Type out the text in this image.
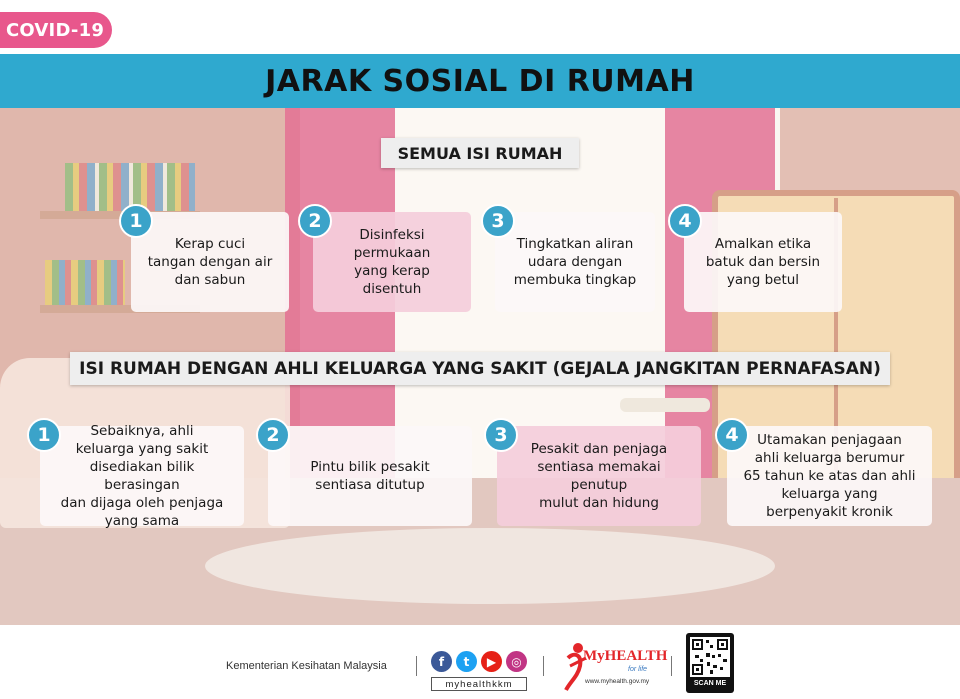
COVID-19
JARAK SOSIAL DI RUMAH
SEMUA ISI RUMAH
Kerap cuci
tangan dengan air
dan sabun
1
Disinfeksi
permukaan
yang kerap
disentuh
2
Tingkatkan aliran
udara dengan
membuka tingkap
3
Amalkan etika
batuk dan bersin
yang betul
4
ISI RUMAH DENGAN AHLI KELUARGA YANG SAKIT (GEJALA JANGKITAN PERNAFASAN)
Sebaiknya, ahli
keluarga yang sakit
disediakan bilik berasingan
dan dijaga oleh penjaga
yang sama
1
Pintu bilik pesakit
sentiasa ditutup
2
Pesakit dan penjaga
sentiasa memakai penutup
mulut dan hidung
3	Utamakan penjagaan
ahli keluarga berumur
65 tahun ke atas dan ahli
keluarga yang
berpenyakit kronik
4
Kementerian Kesihatan Malaysia	f	t	▶	◎
myhealthkkm
MyHEALTH
for life
www.myhealth.gov.my	SCAN ME
